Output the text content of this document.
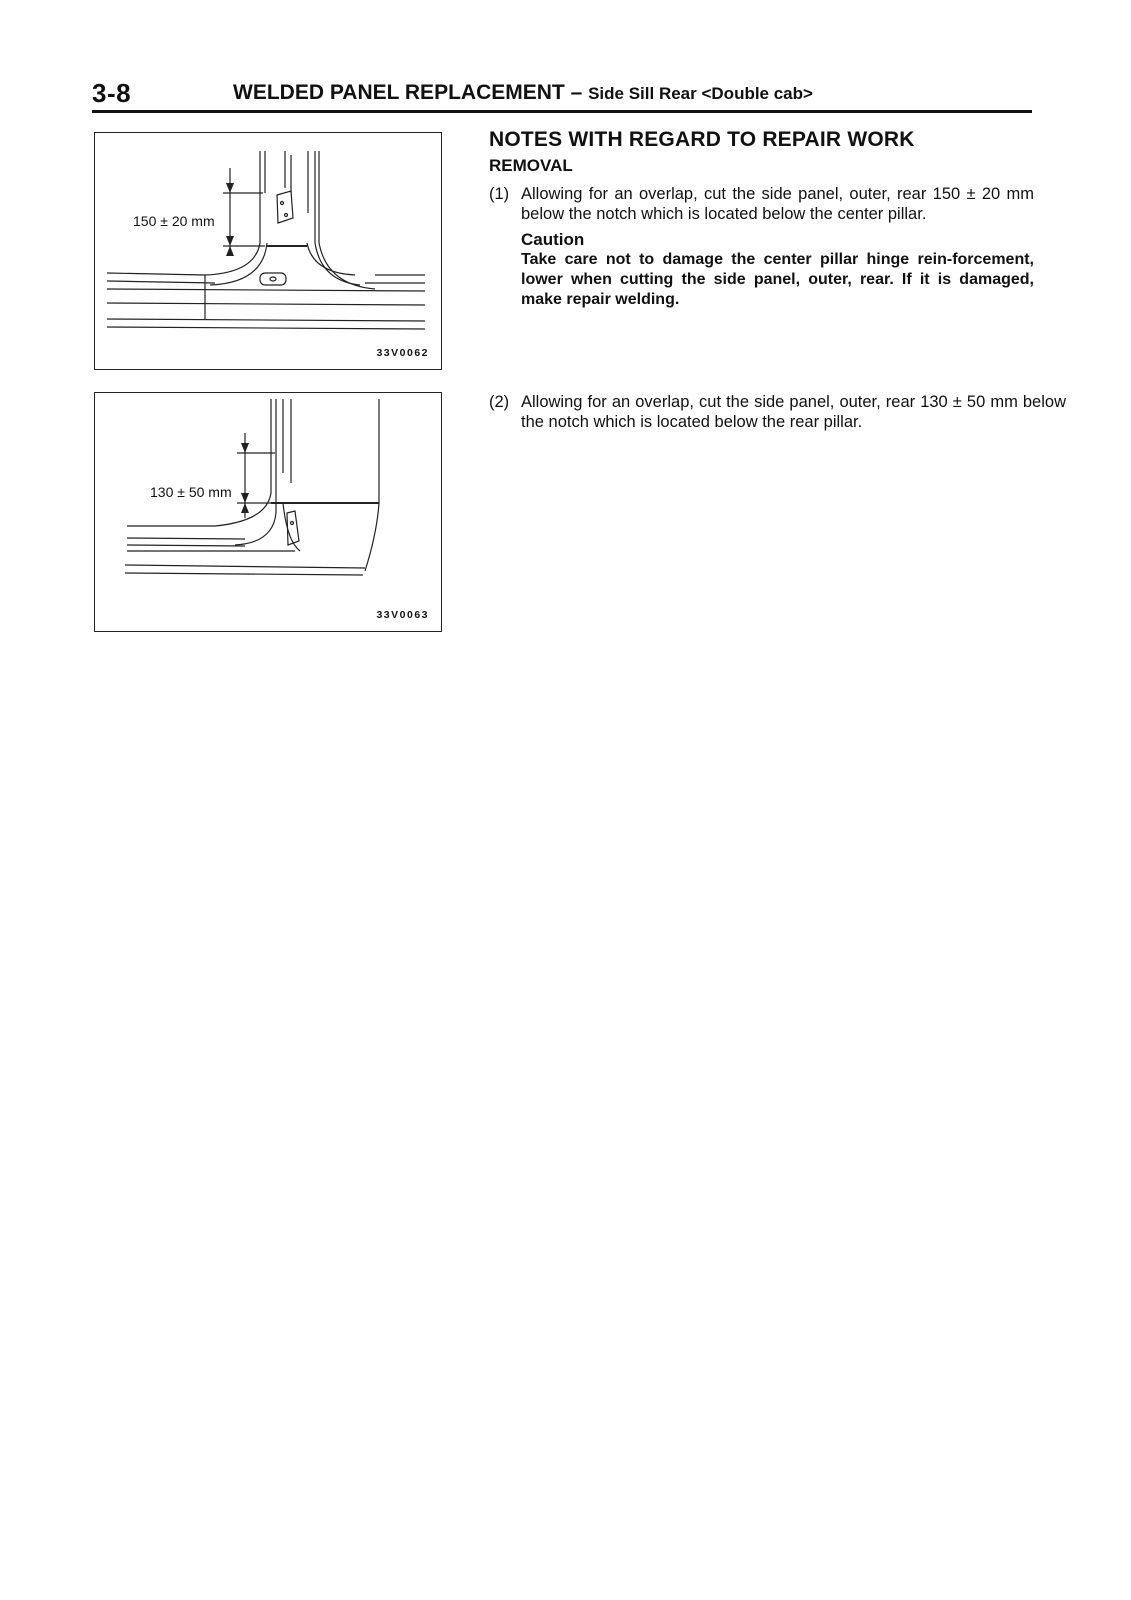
3-8	WELDED PANEL REPLACEMENT – Side Sill Rear <Double cab>
150 ± 20 mm
33V0062
130 ± 50 mm
33V0063
NOTES WITH REGARD TO REPAIR WORK
REMOVAL
(1) Allowing for an overlap, cut the side panel, outer, rear 150 ± 20 mm below the notch which is located below the center pillar.
Caution
Take care not to damage the center pillar hinge rein-forcement, lower when cutting the side panel, outer, rear. If it is damaged, make repair welding.
(2) Allowing for an overlap, cut the side panel, outer, rear 130 ± 50 mm below the notch which is located below the rear pillar.
